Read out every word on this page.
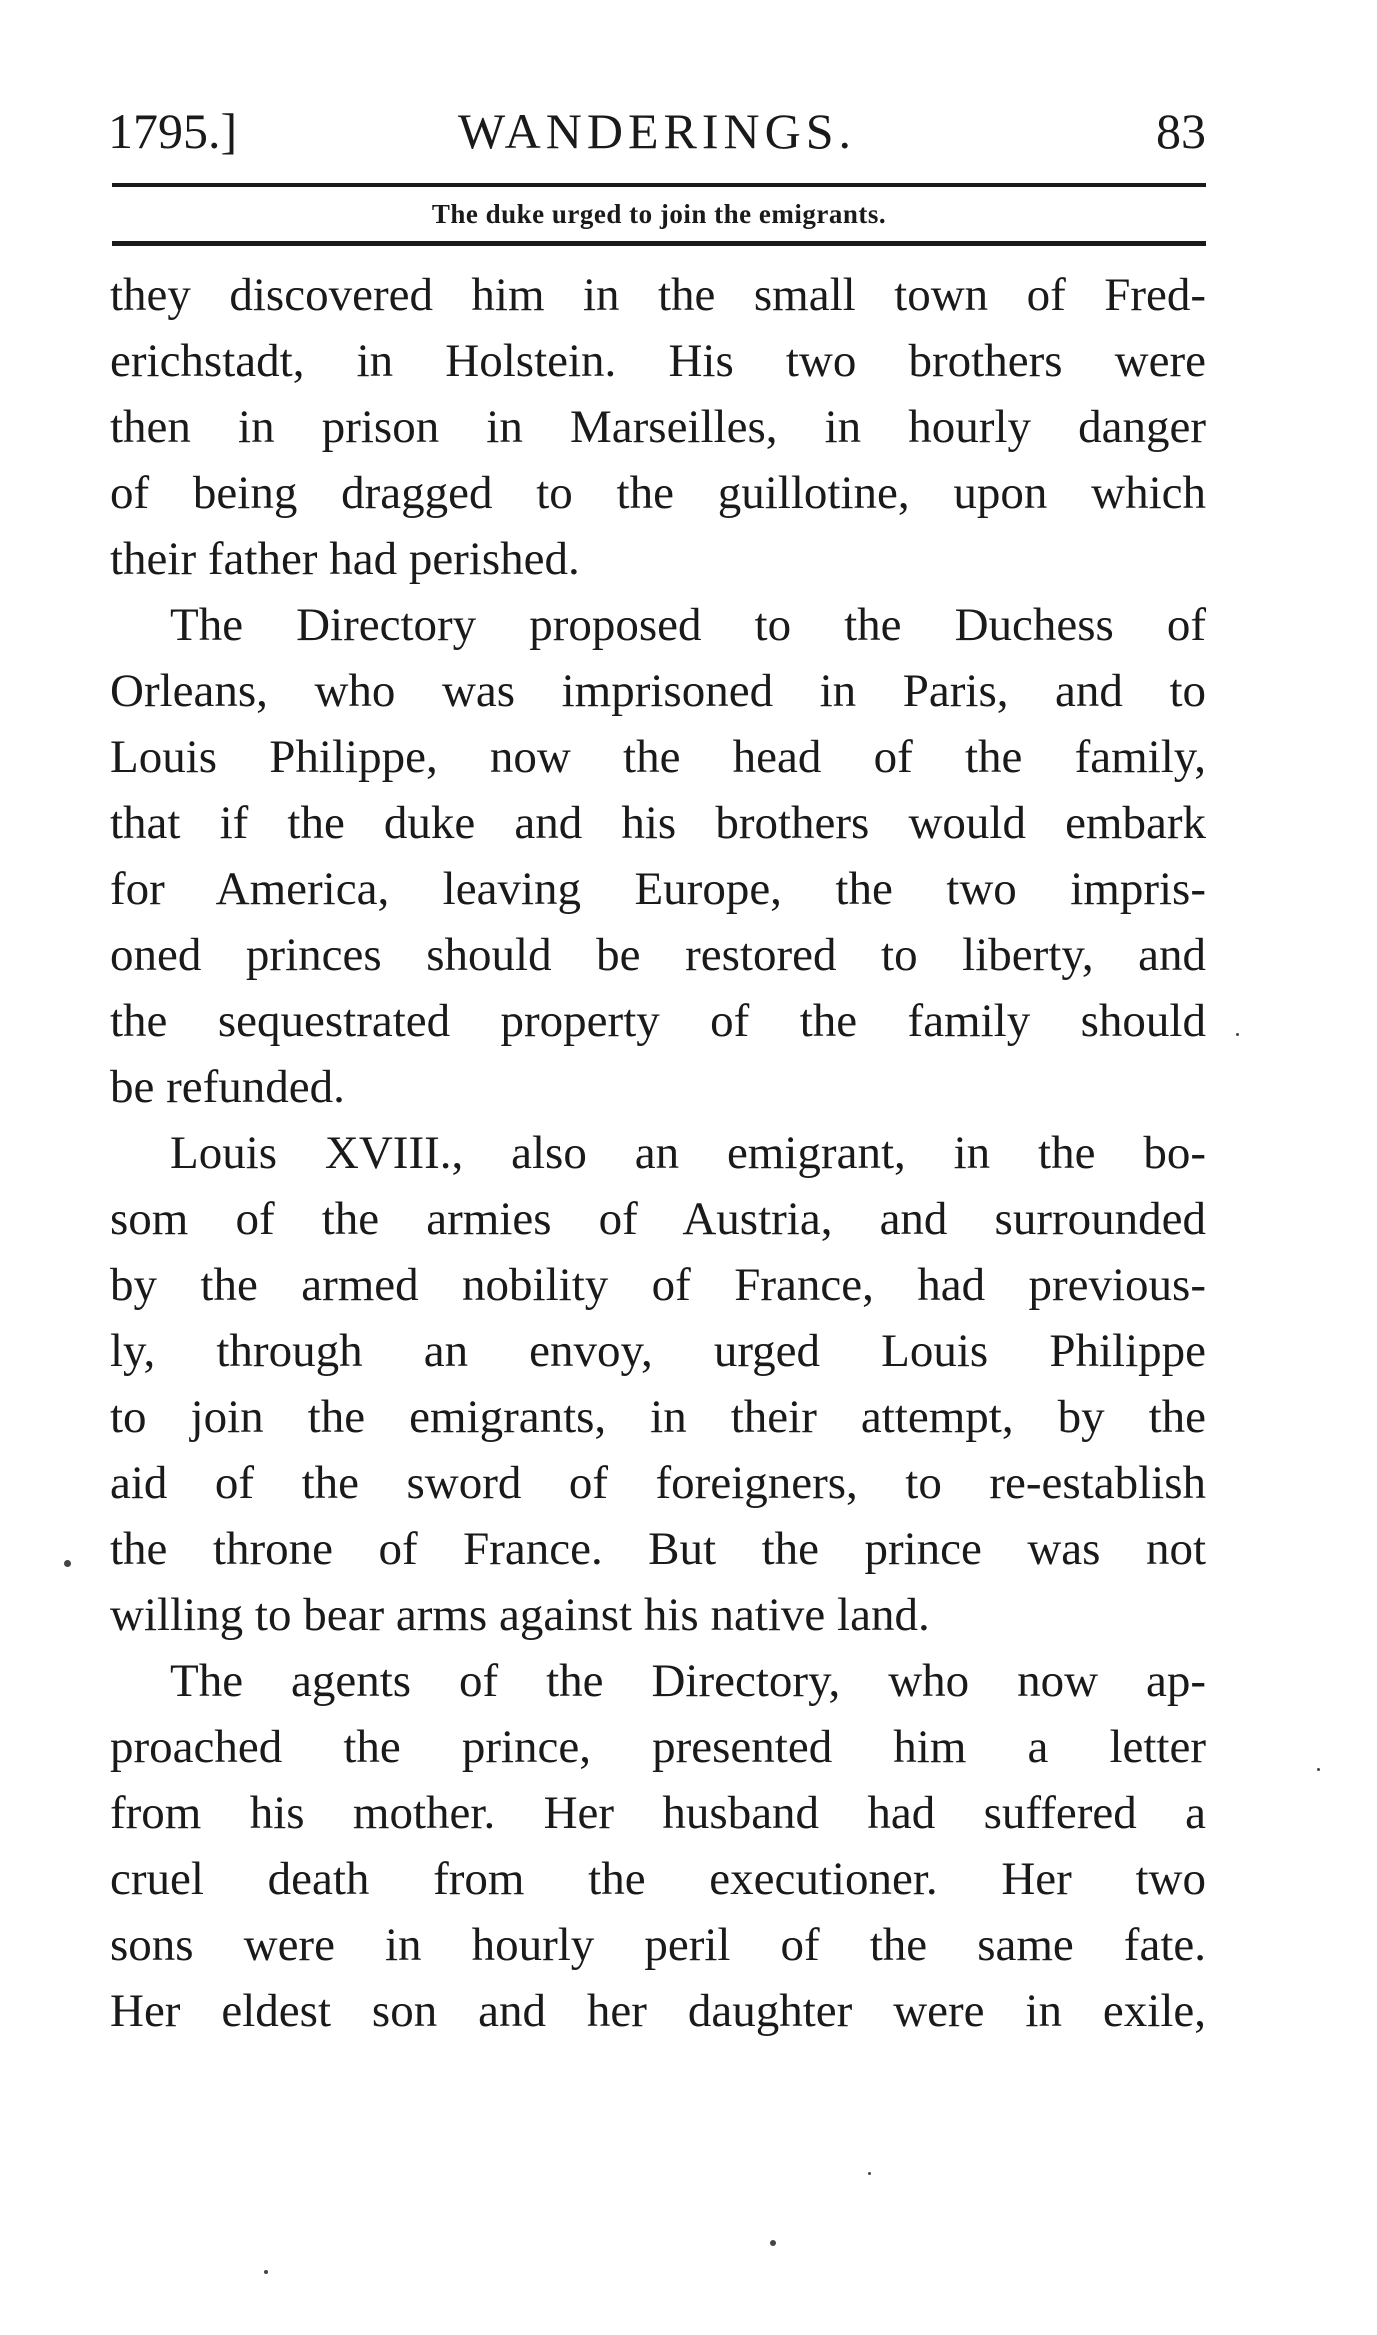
1795.]	WANDERINGS.	83
The duke urged to join the emigrants.
they discovered him in the small town of Fred-
erichstadt, in Holstein. His two brothers were
then in prison in Marseilles, in hourly danger
of being dragged to the guillotine, upon which
their father had perished.
The Directory proposed to the Duchess of
Orleans, who was imprisoned in Paris, and to
Louis Philippe, now the head of the family,
that if the duke and his brothers would embark
for America, leaving Europe, the two impris-
oned princes should be restored to liberty, and
the sequestrated property of the family should
be refunded.
Louis XVIII., also an emigrant, in the bo-
som of the armies of Austria, and surrounded
by the armed nobility of France, had previous-
ly, through an envoy, urged Louis Philippe
to join the emigrants, in their attempt, by the
aid of the sword of foreigners, to re-establish
the throne of France. But the prince was not
willing to bear arms against his native land.
The agents of the Directory, who now ap-
proached the prince, presented him a letter
from his mother. Her husband had suffered a
cruel death from the executioner. Her two
sons were in hourly peril of the same fate.
Her eldest son and her daughter were in exile,
